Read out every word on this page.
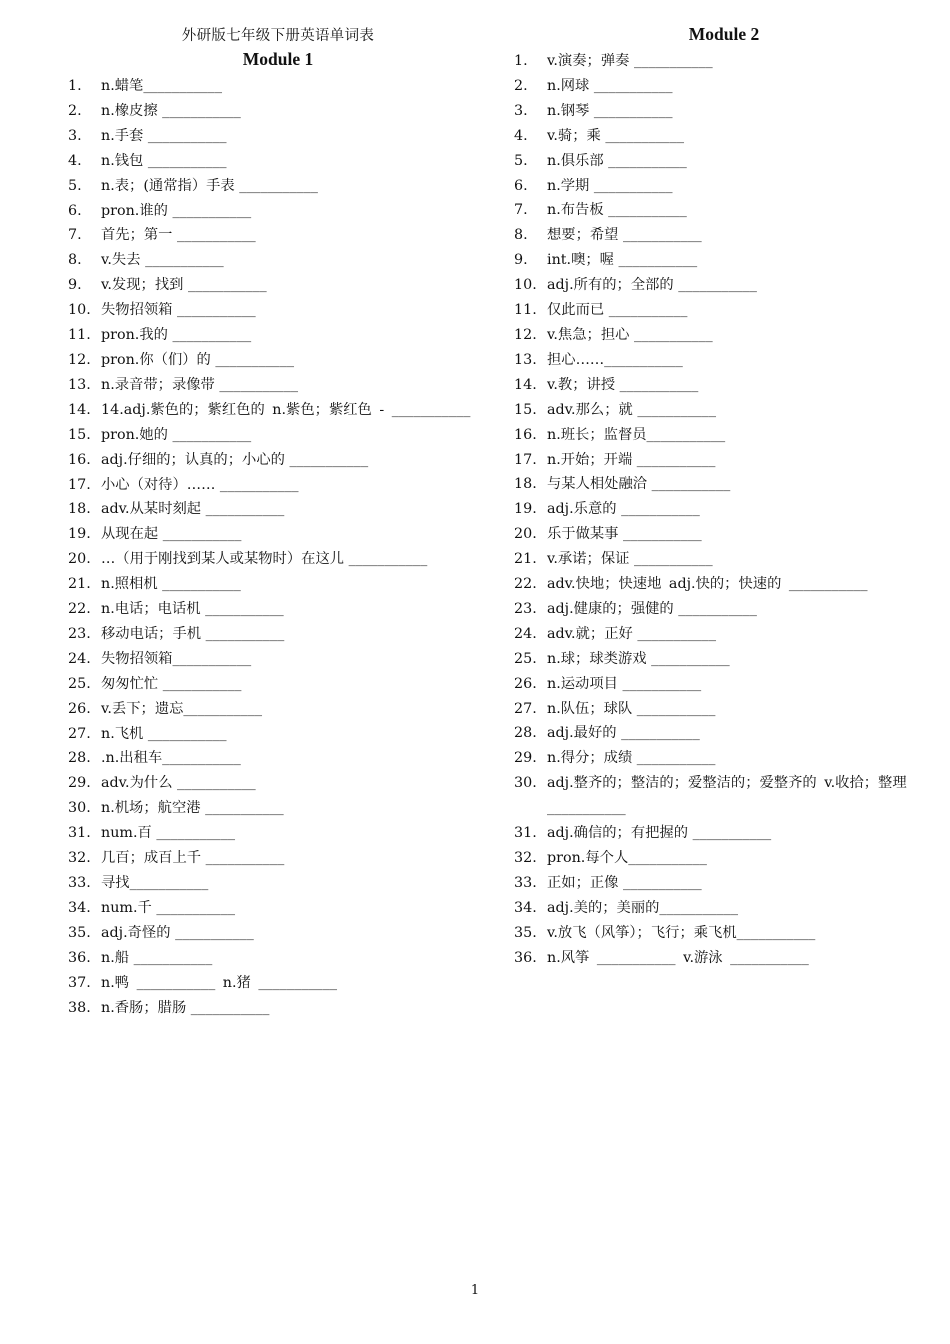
外研版七年级下册英语单词表
Module 1
1. n.蜡笔___________
2. n.橡皮擦 ___________
3. n.手套 ___________
4. n.钱包 ___________
5. n.表；(通常指）手表 ___________
6. pron.谁的 ___________
7. 首先；第一 ___________
8. v.失去 ___________
9. v.发现；找到 ___________
10. 失物招领箱 ___________
11. pron.我的 ___________
12. pron.你（们）的 ___________
13. n.录音带；录像带 ___________
14. 14.adj.紫色的；紫红色的 n.紫色；紫红色 - ___________
15. pron.她的 ___________
16. adj.仔细的；认真的；小心的 ___________
17. 小心（对待）…… ___________
18. adv.从某时刻起 ___________
19. 从现在起 ___________
20. …（用于刚找到某人或某物时）在这儿 ___________
21. n.照相机 ___________
22. n.电话；电话机 ___________
23. 移动电话；手机 ___________
24. 失物招领箱___________
25. 匆匆忙忙 ___________
26. v.丢下；遗忘___________
27. n.飞机 ___________
28. .n.出租车___________
29. adv.为什么 ___________
30. n.机场；航空港 ___________
31. num.百 ___________
32. 几百；成百上千 ___________
33. 寻找___________
34. num.千 ___________
35. adj.奇怪的 ___________
36. n.船 ___________
37. n.鸭 ___________ n.猪 ___________
38. n.香肠；腊肠 ___________
Module 2
1. v.演奏；弹奏 ___________
2. n.网球 ___________
3. n.钢琴 ___________
4. v.骑；乘 ___________
5. n.俱乐部 ___________
6. n.学期 ___________
7. n.布告板 ___________
8. 想要；希望 ___________
9. int.噢；喔 ___________
10. adj.所有的；全部的 ___________
11. 仅此而已 ___________
12. v.焦急；担心 ___________
13. 担心……___________
14. v.教；讲授 ___________
15. adv.那么；就 ___________
16. n.班长；监督员___________
17. n.开始；开端 ___________
18. 与某人相处融洽 ___________
19. adj.乐意的 ___________
20. 乐于做某事 ___________
21. v.承诺；保证 ___________
22. adv.快地；快速地 adj.快的；快速的 ___________
23. adj.健康的；强健的 ___________
24. adv.就；正好 ___________
25. n.球；球类游戏 ___________
26. n.运动项目 ___________
27. n.队伍；球队 ___________
28. adj.最好的 ___________
29. n.得分；成绩 ___________
30. adj.整齐的；整洁的；爱整洁的；爱整齐的 v.收拾；整理 ___________
31. adj.确信的；有把握的 ___________
32. pron.每个人___________
33. 正如；正像 ___________
34. adj.美的；美丽的___________
35. v.放飞（风筝）；飞行；乘飞机___________
36. n.风筝 ___________ v.游泳 ___________
1
